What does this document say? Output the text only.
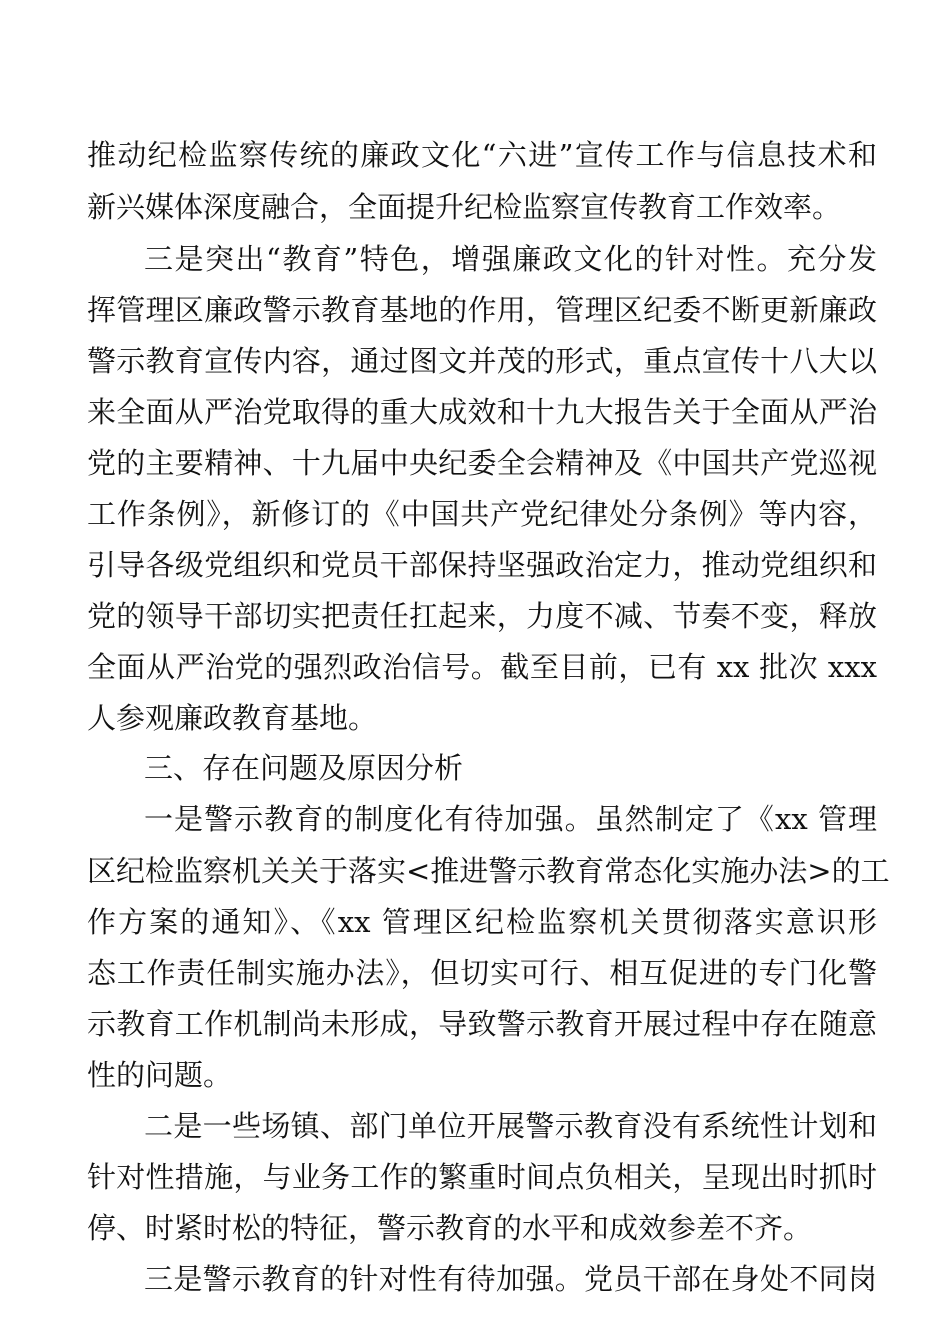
推动纪检监察传统的廉政文化“六进”宣传工作与信息技术和
新兴媒体深度融合，全面提升纪检监察宣传教育工作效率。
三是突出“教育”特色，增强廉政文化的针对性。充分发
挥管理区廉政警示教育基地的作用，管理区纪委不断更新廉政
警示教育宣传内容，通过图文并茂的形式，重点宣传十八大以
来全面从严治党取得的重大成效和十九大报告关于全面从严治
党的主要精神、十九届中央纪委全会精神及《中国共产党巡视
工作条例》，新修订的《中国共产党纪律处分条例》等内容，
引导各级党组织和党员干部保持坚强政治定力，推动党组织和
党的领导干部切实把责任扛起来，力度不减、节奏不变，释放
全面从严治党的强烈政治信号。截至目前，已有 xx 批次 xxx
人参观廉政教育基地。
三、存在问题及原因分析
一是警示教育的制度化有待加强。虽然制定了《xx 管理
区纪检监察机关关于落实<推进警示教育常态化实施办法>的工
作方案的通知》、《xx 管理区纪检监察机关贯彻落实意识形
态工作责任制实施办法》，但切实可行、相互促进的专门化警
示教育工作机制尚未形成，导致警示教育开展过程中存在随意
性的问题。
二是一些场镇、部门单位开展警示教育没有系统性计划和
针对性措施，与业务工作的繁重时间点负相关，呈现出时抓时
停、时紧时松的特征，警示教育的水平和成效参差不齐。
三是警示教育的针对性有待加强。党员干部在身处不同岗
